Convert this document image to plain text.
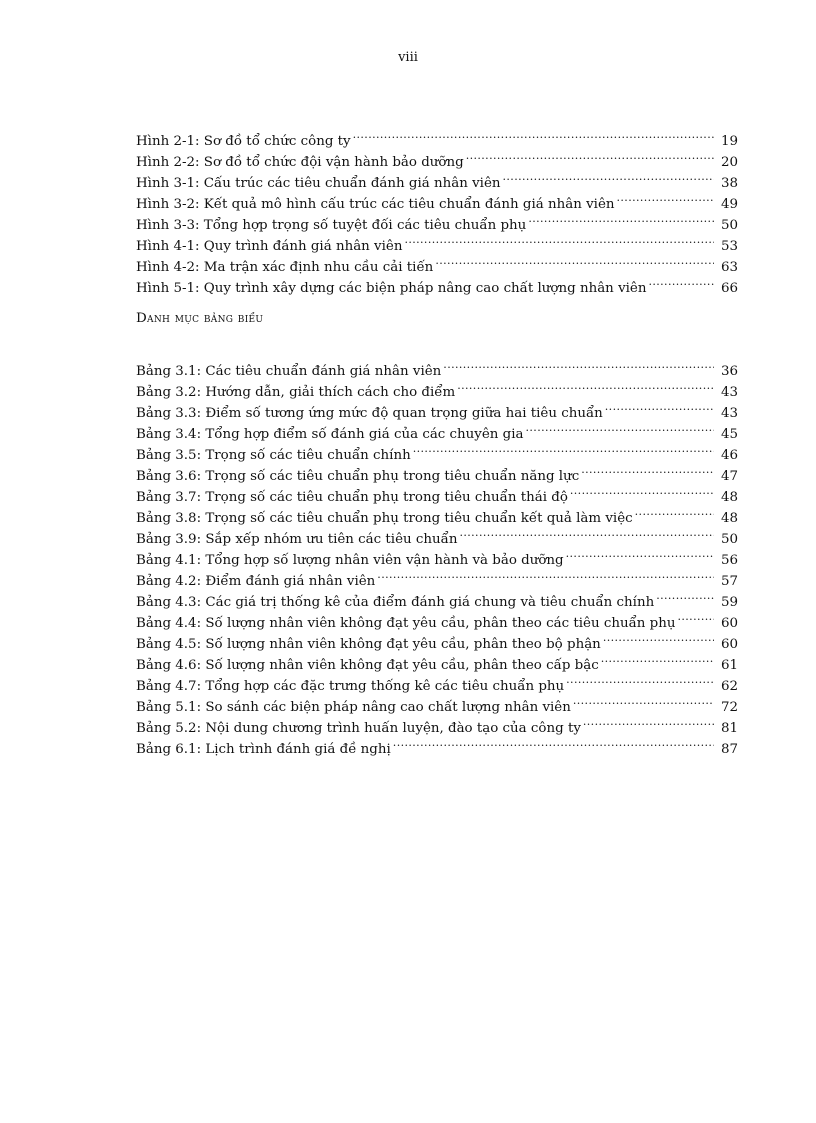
viii
Hình 2-1: Sơ đồ tổ chức công ty .....	19
Hình 2-2: Sơ đồ tổ chức đội vận hành bảo dưỡng .....	20
Hình 3-1: Cấu trúc các tiêu chuẩn đánh giá nhân viên .....	38
Hình 3-2: Kết quả mô hình cấu trúc các tiêu chuẩn đánh giá nhân viên .....	49
Hình 3-3: Tổng hợp trọng số tuyệt đối các tiêu chuẩn phụ .....	50
Hình 4-1: Quy trình đánh giá nhân viên .....	53
Hình 4-2: Ma trận xác định nhu cầu cải tiến .....	63
Hình 5-1: Quy trình xây dựng các biện pháp nâng cao chất lượng nhân viên .....	66
Danh mục bảng biểu
Bảng 3.1: Các tiêu chuẩn đánh giá nhân viên .....	36
Bảng 3.2: Hướng dẫn, giải thích cách cho điểm .....	43
Bảng 3.3: Điểm số tương ứng mức độ quan trọng giữa hai tiêu chuẩn .....	43
Bảng 3.4: Tổng hợp điểm số đánh giá của các chuyên gia .....	45
Bảng 3.5: Trọng số các tiêu chuẩn chính .....	46
Bảng 3.6: Trọng số các tiêu chuẩn phụ trong tiêu chuẩn năng lực .....	47
Bảng 3.7: Trọng số các tiêu chuẩn phụ trong tiêu chuẩn thái độ .....	48
Bảng 3.8: Trọng số các tiêu chuẩn phụ trong tiêu chuẩn kết quả làm việc .....	48
Bảng 3.9: Sắp xếp nhóm ưu tiên các tiêu chuẩn .....	50
Bảng 4.1: Tổng hợp số lượng nhân viên vận hành và bảo dưỡng .....	56
Bảng 4.2: Điểm đánh giá nhân viên .....	57
Bảng 4.3: Các giá trị thống kê của điểm đánh giá chung và tiêu chuẩn chính .....	59
Bảng 4.4: Số lượng nhân viên không đạt yêu cầu, phân theo các tiêu chuẩn phụ .....	60
Bảng 4.5: Số lượng nhân viên không đạt yêu cầu, phân theo bộ phận .....	60
Bảng 4.6: Số lượng nhân viên không đạt yêu cầu, phân theo cấp bậc .....	61
Bảng 4.7: Tổng hợp các đặc trưng thống kê các tiêu chuẩn phụ .....	62
Bảng 5.1: So sánh các biện pháp nâng cao chất lượng nhân viên .....	72
Bảng 5.2: Nội dung chương trình huấn luyện, đào tạo của công ty .....	81
Bảng 6.1: Lịch trình đánh giá đề nghị .....	87
